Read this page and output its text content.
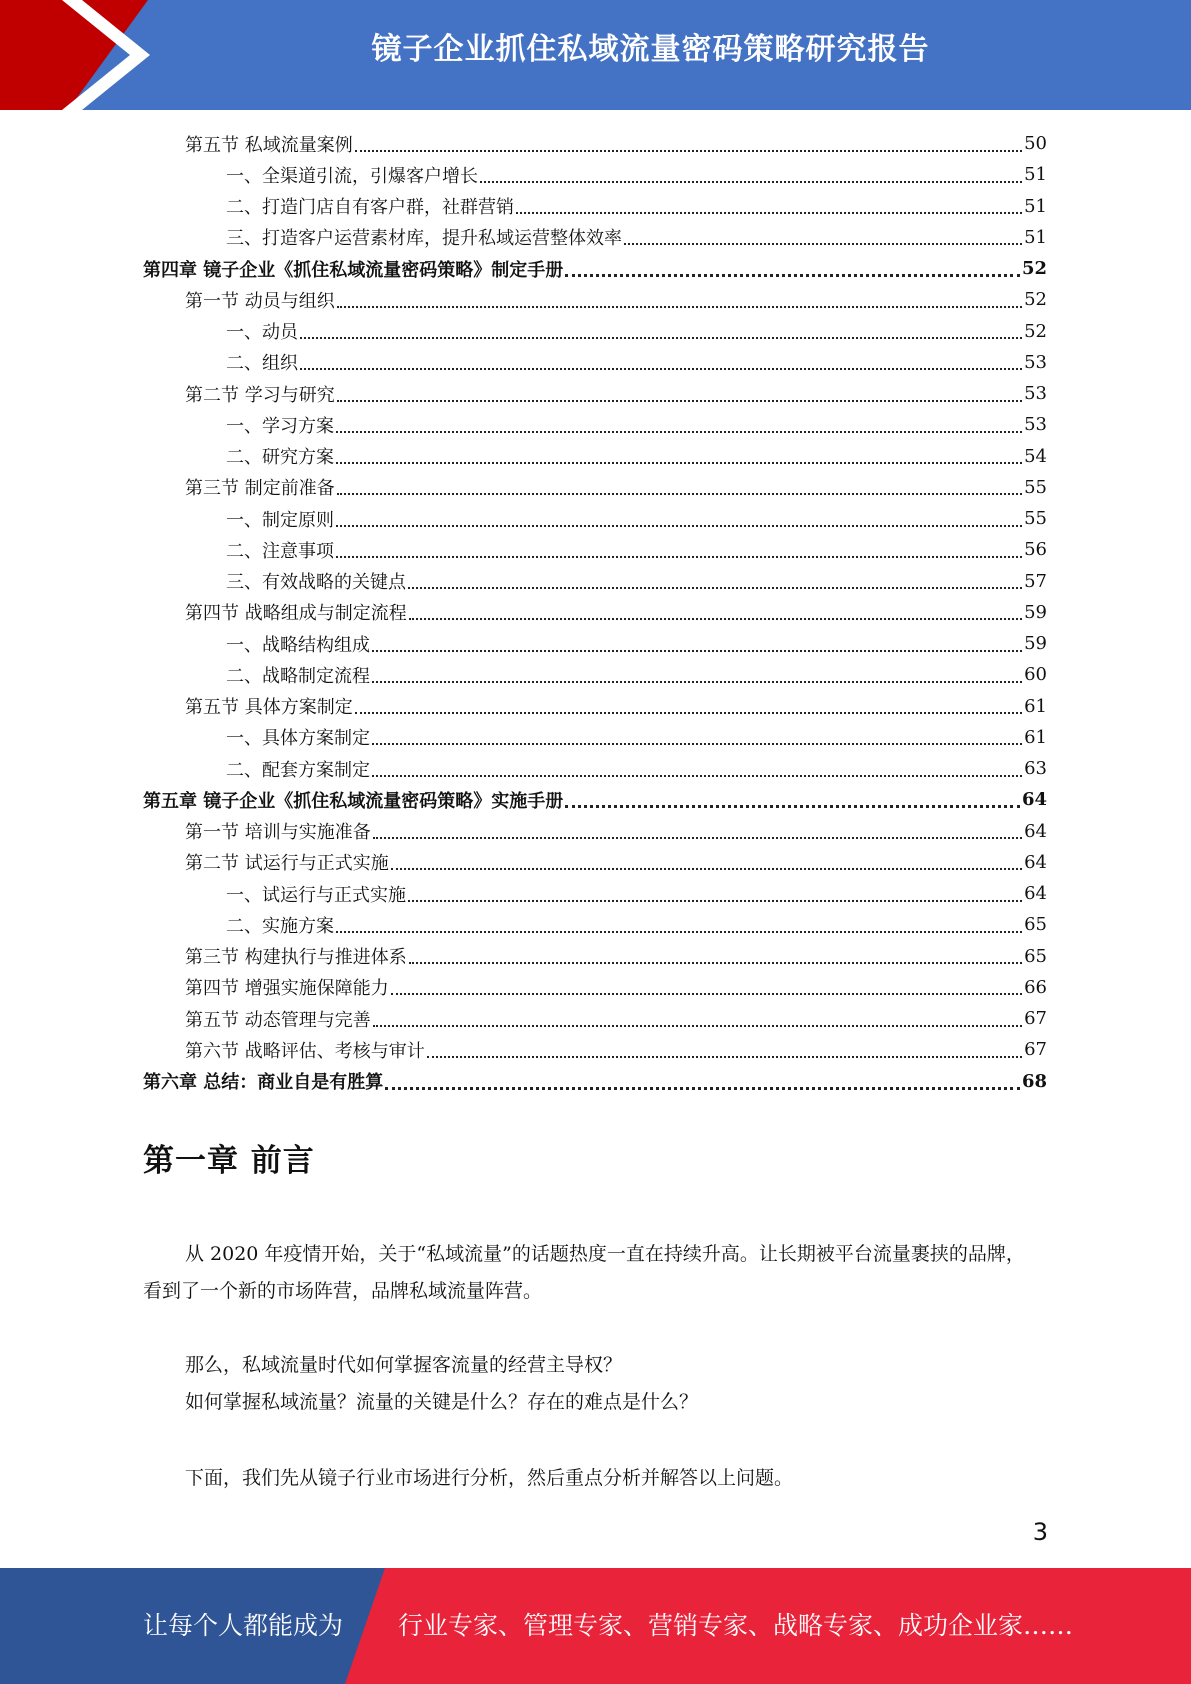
镜子企业抓住私域流量密码策略研究报告
第五节 私域流量案例	50
一、全渠道引流，引爆客户增长	51
二、打造门店自有客户群，社群营销	51
三、打造客户运营素材库，提升私域运营整体效率	51
第四章 镜子企业《抓住私域流量密码策略》制定手册	52
第一节 动员与组织	52
一、动员	52
二、组织	53
第二节 学习与研究	53
一、学习方案	53
二、研究方案	54
第三节 制定前准备	55
一、制定原则	55
二、注意事项	56
三、有效战略的关键点	57
第四节 战略组成与制定流程	59
一、战略结构组成	59
二、战略制定流程	60
第五节 具体方案制定	61
一、具体方案制定	61
二、配套方案制定	63
第五章 镜子企业《抓住私域流量密码策略》实施手册	64
第一节 培训与实施准备	64
第二节 试运行与正式实施	64
一、试运行与正式实施	64
二、实施方案	65
第三节 构建执行与推进体系	65
第四节 增强实施保障能力	66
第五节 动态管理与完善	67
第六节 战略评估、考核与审计	67
第六章 总结：商业自是有胜算	68
第一章 前言

从 2020 年疫情开始，关于“私域流量”的话题热度一直在持续升高。让长期被平台流量裹挟的品牌，看到了一个新的市场阵营，品牌私域流量阵营。

那么，私域流量时代如何掌握客流量的经营主导权？

如何掌握私域流量？流量的关键是什么？存在的难点是什么？

下面，我们先从镜子行业市场进行分析，然后重点分析并解答以上问题。

3
让每个人都能成为 行业专家、管理专家、营销专家、战略专家、成功企业家……
